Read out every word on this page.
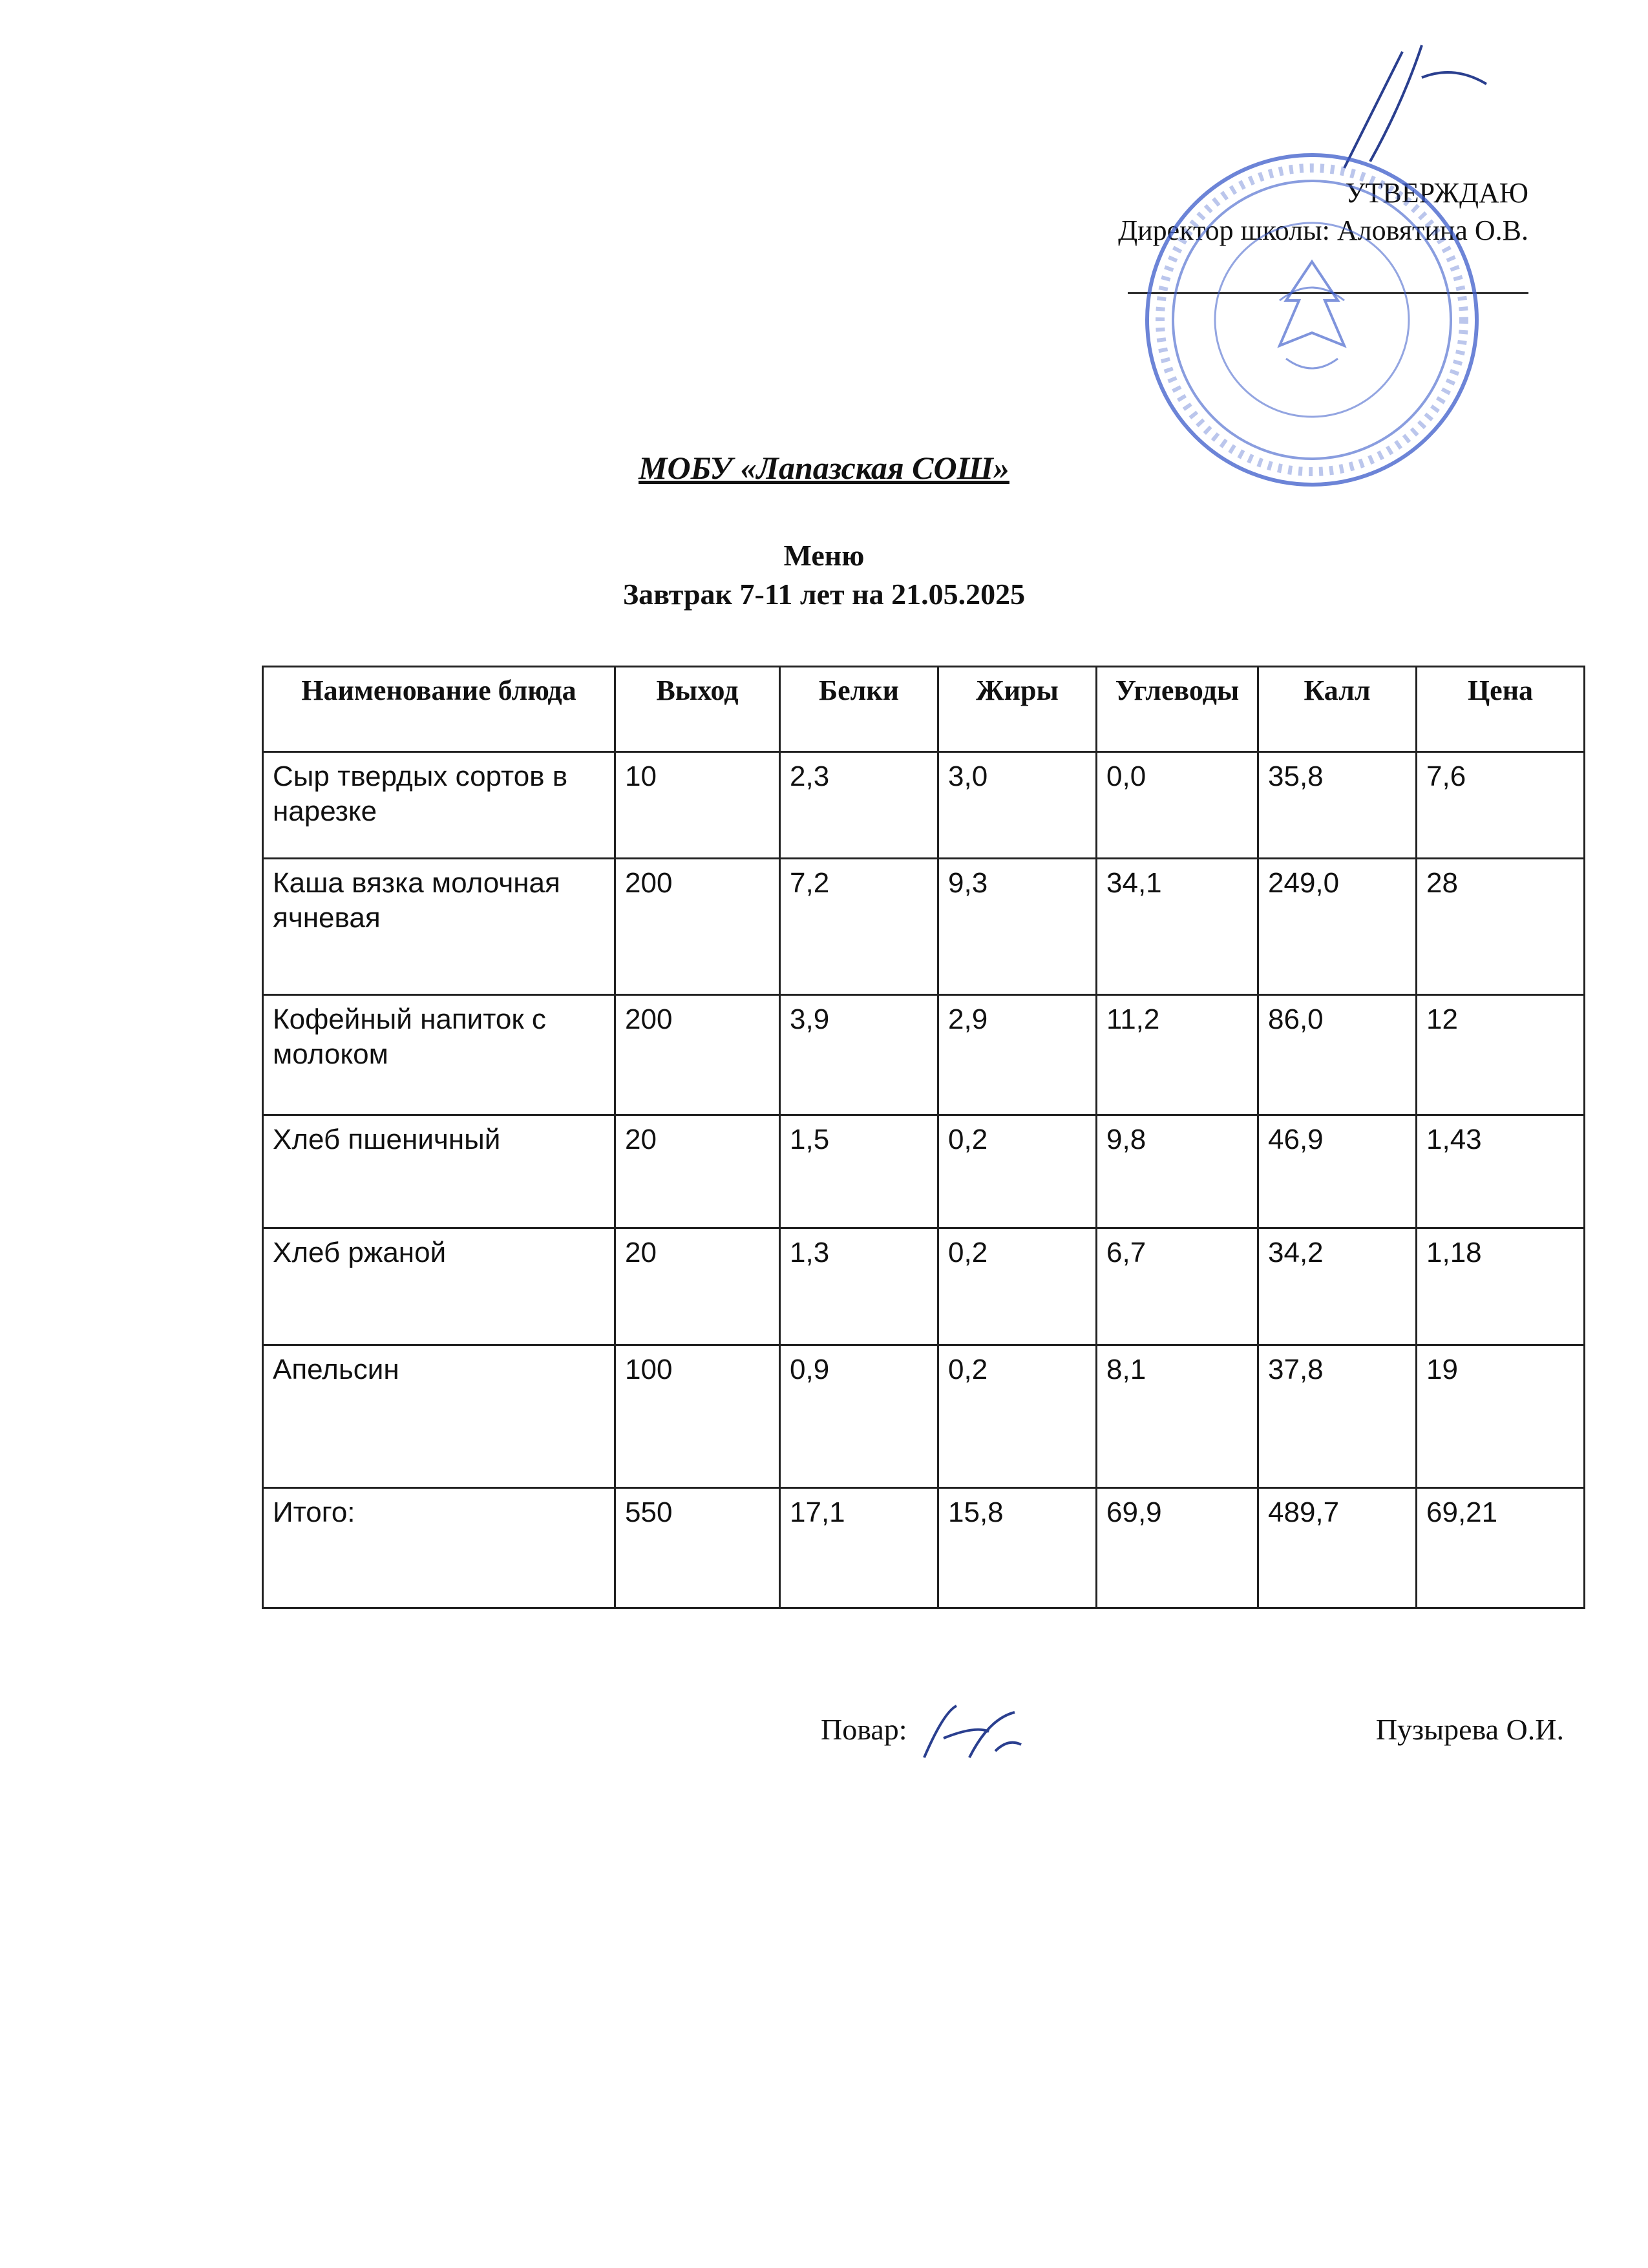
УТВЕРЖДАЮ
Директор школы: Аловятина О.В.
МОБУ «Лапазская СОШ»
Меню
Завтрак 7-11 лет на 21.05.2025
Наименование блюда	Выход	Белки	Жиры	Углеводы	Калл	Цена
Сыр твердых сортов в нарезке	10	2,3	3,0	0,0	35,8	7,6
Каша вязка молочная ячневая	200	7,2	9,3	34,1	249,0	28
Кофейный напиток с молоком	200	3,9	2,9	11,2	86,0	12
Хлеб пшеничный	20	1,5	0,2	9,8	46,9	1,43
Хлеб ржаной	20	1,3	0,2	6,7	34,2	1,18
Апельсин	100	0,9	0,2	8,1	37,8	19
Итого:	550	17,1	15,8	69,9	489,7	69,21
Повар:	Пузырева О.И.
